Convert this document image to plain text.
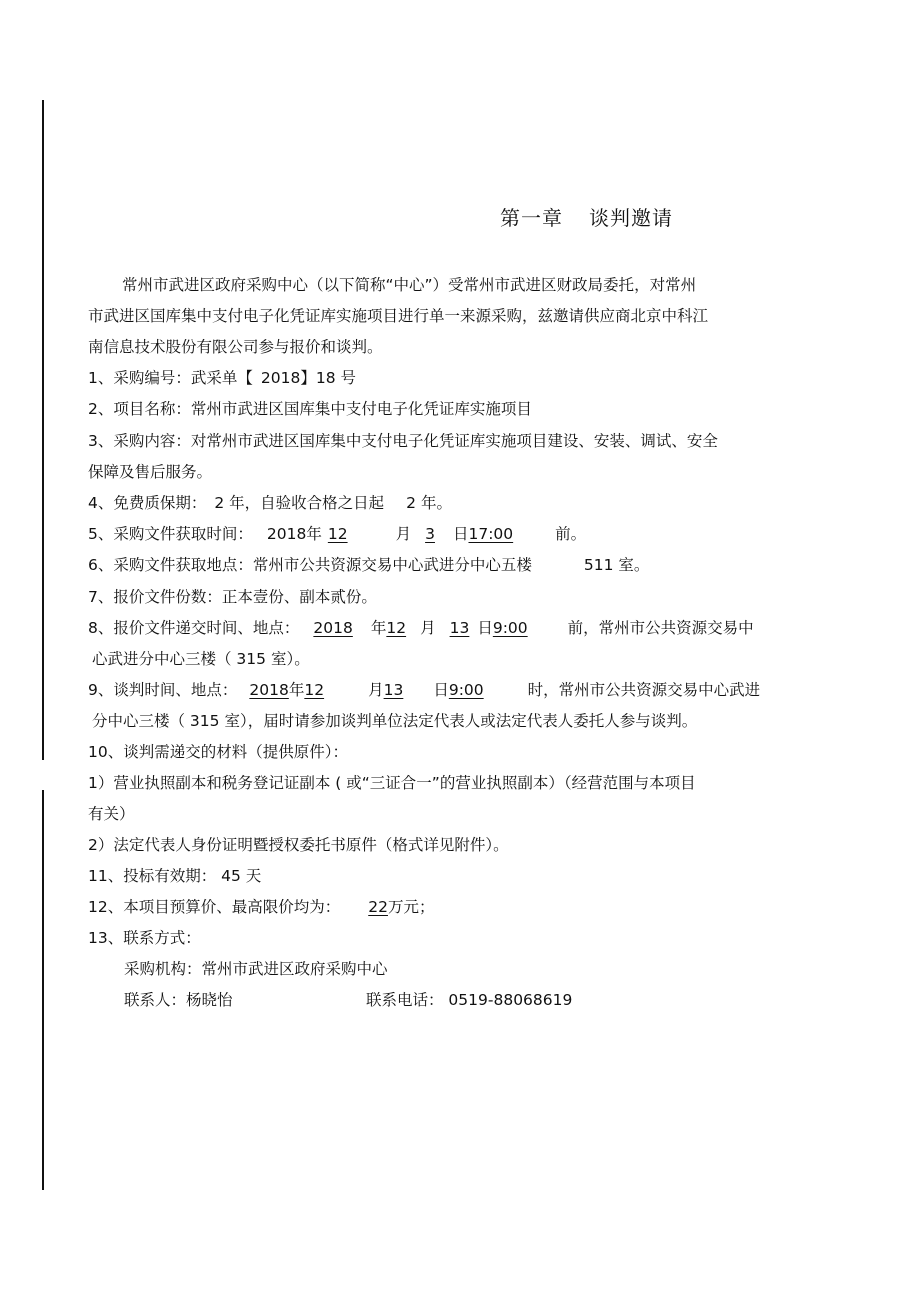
第一章 谈判邀请
常州市武进区政府采购中心（以下简称“中心”）受常州市武进区财政局委托，对常州
市武进区国库集中支付电子化凭证库实施项目进行单一来源采购，兹邀请供应商北京中科江
南信息技术股份有限公司参与报价和谈判。
1、采购编号：武采单【 2018】18 号
2、项目名称：常州市武进区国库集中支付电子化凭证库实施项目
3、采购内容：对常州市武进区国库集中支付电子化凭证库实施项目建设、安装、调试、安全
保障及售后服务。
4、免费质保期： 2 年，自验收合格之日起 2 年。
5、采购文件获取时间： 2018年 12	月 3 日17:00	前。
6、采购文件获取地点：常州市公共资源交易中心武进分中心五楼	511 室。
7、报价文件份数：正本壹份、副本贰份。
8、报价文件递交时间、地点： 2018 年12 月 13 日9:00	前，常州市公共资源交易中
心武进分中心三楼（ 315 室）。
9、谈判时间、地点： 2018年12	月13 日9:00	时，常州市公共资源交易中心武进
分中心三楼（ 315 室），届时请参加谈判单位法定代表人或法定代表人委托人参与谈判。
10、谈判需递交的材料（提供原件）：
1）营业执照副本和税务登记证副本 ( 或“三证合一”的营业执照副本）（经营范围与本项目
有关）
2）法定代表人身份证明暨授权委托书原件（格式详见附件）。
11、投标有效期： 45 天
12、本项目预算价、最高限价均为： 22万元；
13、联系方式：
采购机构：常州市武进区政府采购中心
联系人：杨晓怡	联系电话： 0519-88068619
